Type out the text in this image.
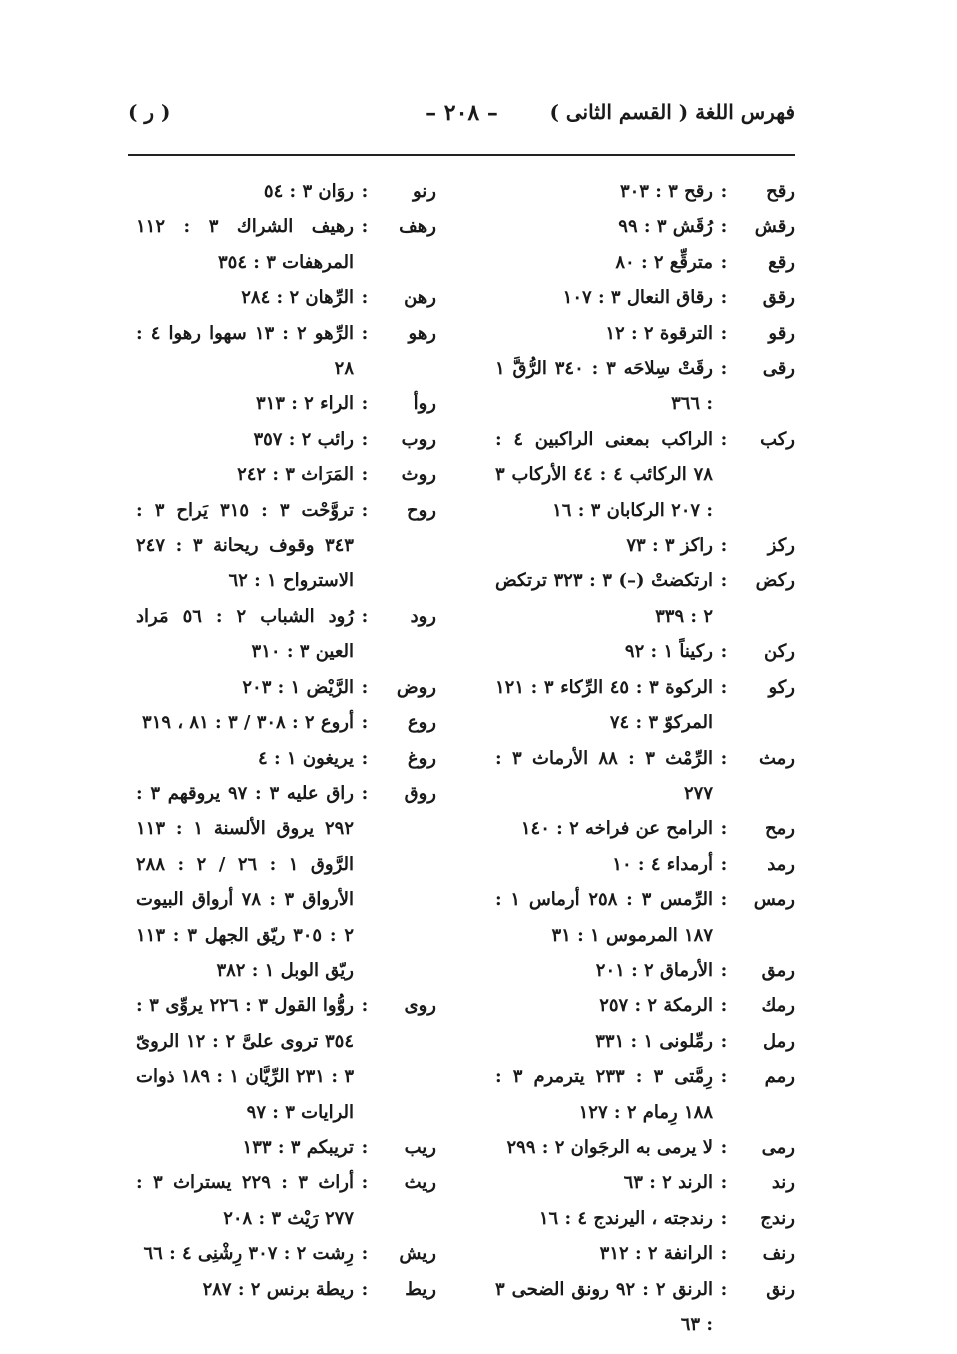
فهرس اللغة ( القسم الثانى )
– ٢٠٨ –
( ر )
رقح
:
رقح ٣ : ٣٠٣
رقش
:
رُقَش ٣ : ٩٩
رقع
:
مترقِّع ٢ : ٨٠
رقق
:
رقاق النعال ٣ : ١٠٧
رقو
:
الترقوة ٢ : ١٢
رقى
:
رقَتْ سِلاحَه ٣ : ٣٤٠ الرُّقَّ ١ : ٣٦٦
ركب
:
الراكب بمعنى الراكبين ٤ : ٧٨ الركائب ٤ : ٤٤ الأركاب ٣ : ٢٠٧ الركابان ٣ : ١٦
ركز
:
راكز ٣ : ٧٣
ركض
:
ارتكضتْ (–) ٣ : ٣٢٣ ترتكض ٢ : ٣٣٩
ركن
:
ركيناً ١ : ٩٢
ركو
:
الركوة ٣ : ٤٥ الرِّكاء ٣ : ١٢١ المركوّ ٣ : ٧٤
رمث
:
الرِّمْث ٣ : ٨٨ الأرماث ٣ : ٢٧٧
رمح
:
الرامح عن فراخه ٢ : ١٤٠
رمد
:
أرمداء ٤ : ١٠
رمس
:
الرِّمس ٣ : ٢٥٨ أرماس ١ : ١٨٧ المرموس ١ : ٣١
رمق
:
الأرماق ٢ : ٢٠١
رمك
:
الرمكة ٢ : ٢٥٧
رمل
:
رمِّلونى ١ : ٣٣١
رمم
:
رِمَّتى ٣ : ٢٣٣ يترمرم ٣ : ١٨٨ رِمام ٢ : ١٢٧
رمى
:
لا يرمى به الرجَوان ٢ : ٢٩٩
رند
:
الرند ٢ : ٦٣
رندج
:
رندجته ، اليرندج ٤ : ١٦
رنف
:
الرانفة ٢ : ٣١٢
رنق
:
الرنق ٢ : ٩٢ رونق الضحى ٣ : ٦٣
رنو
:
روَان ٣ : ٥٤
رهف
:
رهيف الشراك ٣ : ١١٢ المرهفات ٣ : ٣٥٤
رهن
:
الرِّهان ٢ : ٢٨٤
رهو
:
الرِّهو ٢ : ١٣ سهوا رهوا ٤ : ٢٨
روأ
:
الراء ٢ : ٣١٣
روب
:
رائب ٢ : ٣٥٧
روث
:
المَرَاث ٣ : ٢٤٢
روح
:
تروَّحْت ٣ : ٣١٥ يَراح ٣ : ٣٤٣ وقوف ريحانة ٣ : ٢٤٧ الاسترواح ١ : ٦٢
رود
:
رُود الشباب ٢ : ٥٦ مَراد العين ٣ : ٣١٠
روض
:
الرَّيْض ١ : ٢٠٣
روع
:
أروع ٢ : ٣٠٨ / ٣ : ٨١ ، ٣١٩
روغ
:
يريغون ١ : ٤
روق
:
راق عليه ٣ : ٩٧ يروقهم ٣ : ٢٩٢ يروق الألسنة ١ : ١١٣ الرَّوق ١ : ٢٦ / ٢ : ٢٨٨ الأرواق ٣ : ٧٨ أرواق البيوت ٢ : ٣٠٥ ريّق الجهل ٣ : ١١٣ ريّق الوبل ١ : ٣٨٢
روى
:
روُّوا القول ٣ : ٢٢٦ يروِّى ٣ : ٣٥٤ تروى علىَّ ٢ : ١٢ الروىّ ٣ : ٢٣١ الرِّيَّان ١ : ١٨٩ ذوات الرايات ٣ : ٩٧
ريب
:
تريبكم ٣ : ١٣٣
ريث
:
أراث ٣ : ٢٢٩ يستراث ٣ : ٢٧٧ رَيْث ٣ : ٢٠٨
ريش
:
رِشت ٢ : ٣٠٧ رِشْنِى ٤ : ٦٦
ريط
:
ريطة برنس ٢ : ٢٨٧
